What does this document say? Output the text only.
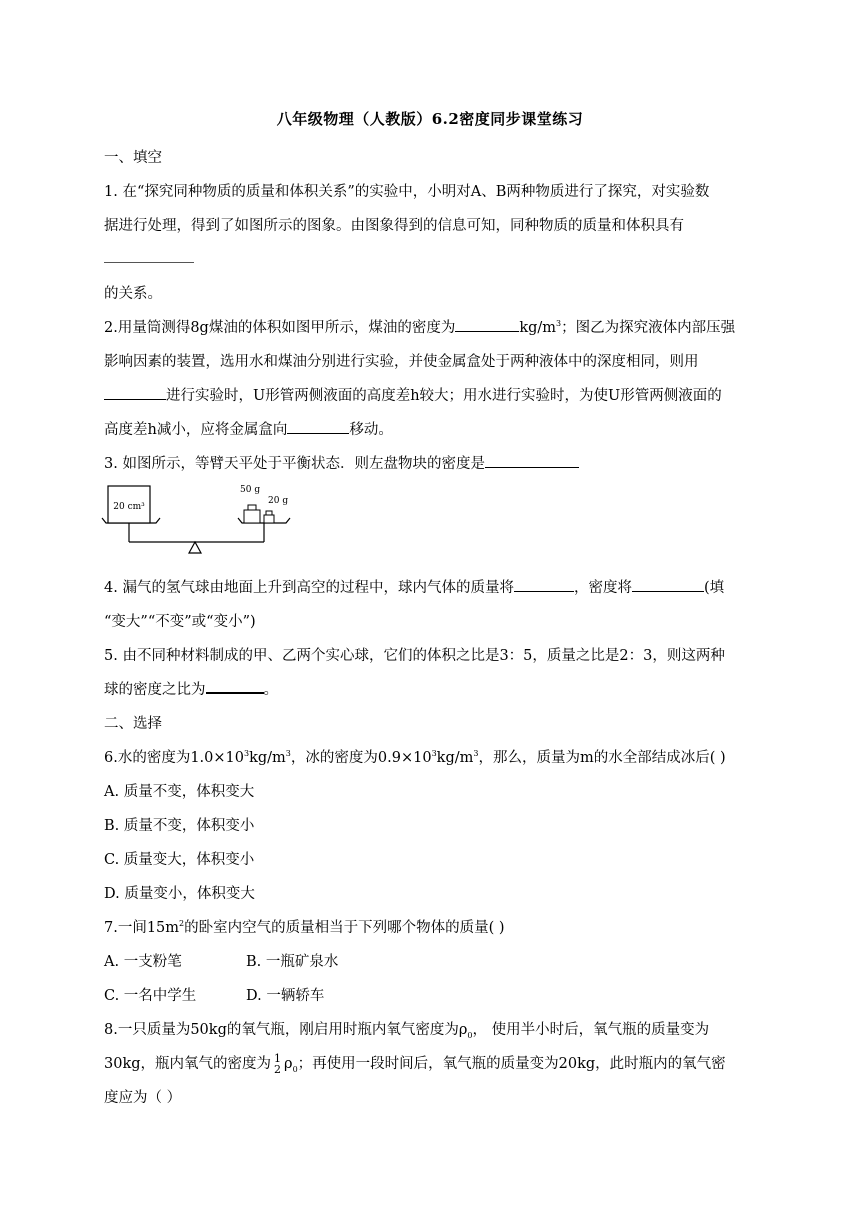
八年级物理（人教版）6.2密度同步课堂练习
一、填空
1. 在“探究同种物质的质量和体积关系”的实验中，小明对A、B两种物质进行了探究，对实验数
据进行处理，得到了如图所示的图象。由图象得到的信息可知，同种物质的质量和体积具有
的关系。
2.用量筒测得8g煤油的体积如图甲所示，煤油的密度为	$kg/m^3$；图乙为探究液体内部压强
影响因素的装置，选用水和煤油分别进行实验，并使金属盒处于两种液体中的深度相同，则用
进行实验时，U形管两侧液面的高度差h较大；用水进行实验时，为使U形管两侧液面的
高度差h减小，应将金属盒向	移动。
3. 如图所示，等臂天平处于平衡状态．则左盘物块的密度是
20 cm³
50 g
20 g
4. 漏气的氢气球由地面上升到高空的过程中，球内气体的质量将	，密度将	(填
“变大”“不变”或“变小”)
5. 由不同种材料制成的甲、乙两个实心球，它们的体积之比是3：5，质量之比是2：3，则这两种
球的密度之比为	。
二、选择
6.水的密度为$1.0\times 10^3kg/m^3$，冰的密度为$0.9\times 10^3kg/m^3$，那么，质量为m的水全部结成冰后( )
A. 质量不变，体积变大
B. 质量不变，体积变小
C. 质量变大，体积变小
D. 质量变小，体积变大
7.一间$15m^2$的卧室内空气的质量相当于下列哪个物体的质量( )
A. 一支粉笔	B. 一瓶矿泉水
C. 一名中学生	D. 一辆轿车
8.一只质量为50kg的氧气瓶，刚启用时瓶内氧气密度为$\rho_0$， 使用半小时后，氧气瓶的质量变为
30kg，瓶内氧气的密度为 1
2 $\rho_0$；再使用一段时间后，氧气瓶的质量变为20kg，此时瓶内的氧气密
度应为（ ）
